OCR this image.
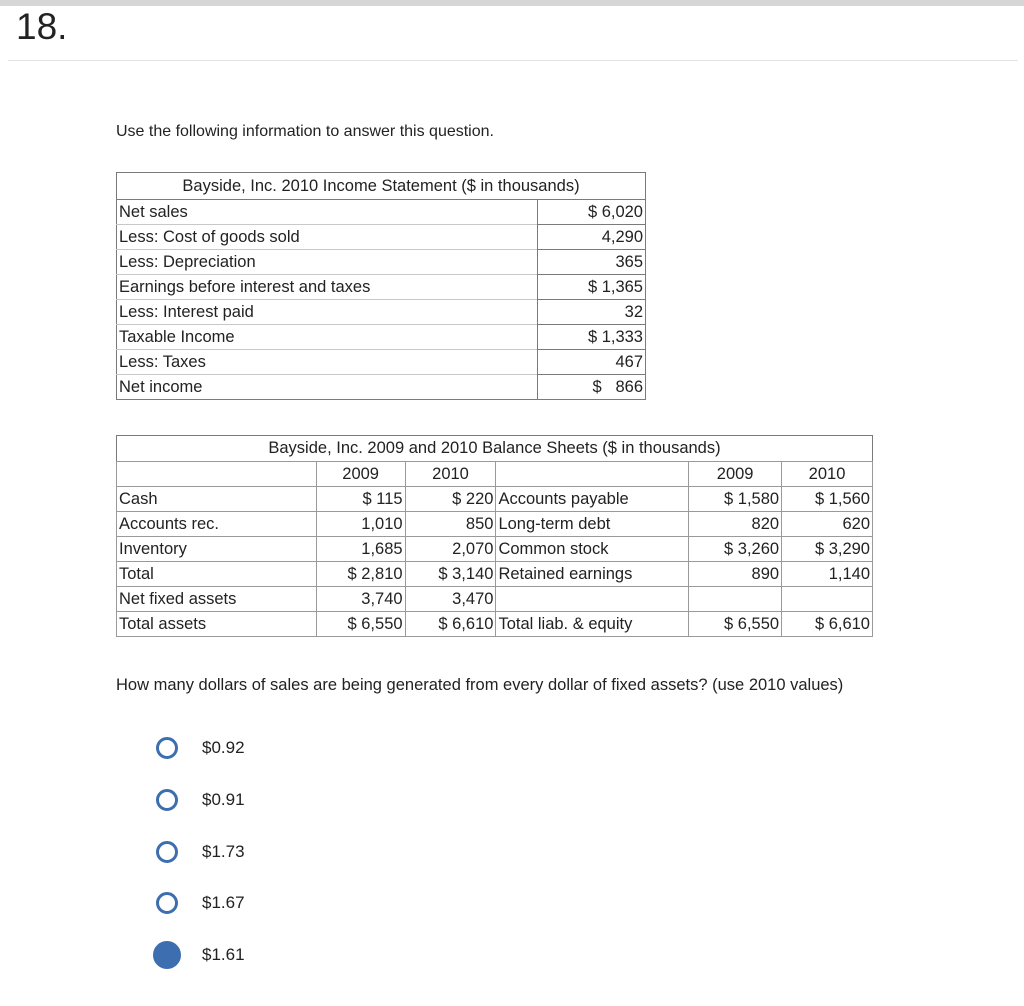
18.
Use the following information to answer this question.
Bayside, Inc. 2010 Income Statement ($ in thousands)	
Net sales	$ 6,020
Less: Cost of goods sold	4,290
Less: Depreciation	365
Earnings before interest and taxes	$ 1,365
Less: Interest paid	32
Taxable Income	$ 1,333
Less: Taxes	467
Net income	$   866
Bayside, Inc. 2009 and 2010 Balance Sheets ($ in thousands)					
	2009	2010		2009	2010
Cash	$ 115	$ 220	Accounts payable	$ 1,580	$ 1,560
Accounts rec.	1,010	850	Long-term debt	820	620
Inventory	1,685	2,070	Common stock	$ 3,260	$ 3,290
Total	$ 2,810	$ 3,140	Retained earnings	890	1,140
Net fixed assets	3,740	3,470			
Total assets	$ 6,550	$ 6,610	Total liab. & equity	$ 6,550	$ 6,610
How many dollars of sales are being generated from every dollar of fixed assets? (use 2010 values)
$0.92
$0.91
$1.73
$1.67
$1.61
